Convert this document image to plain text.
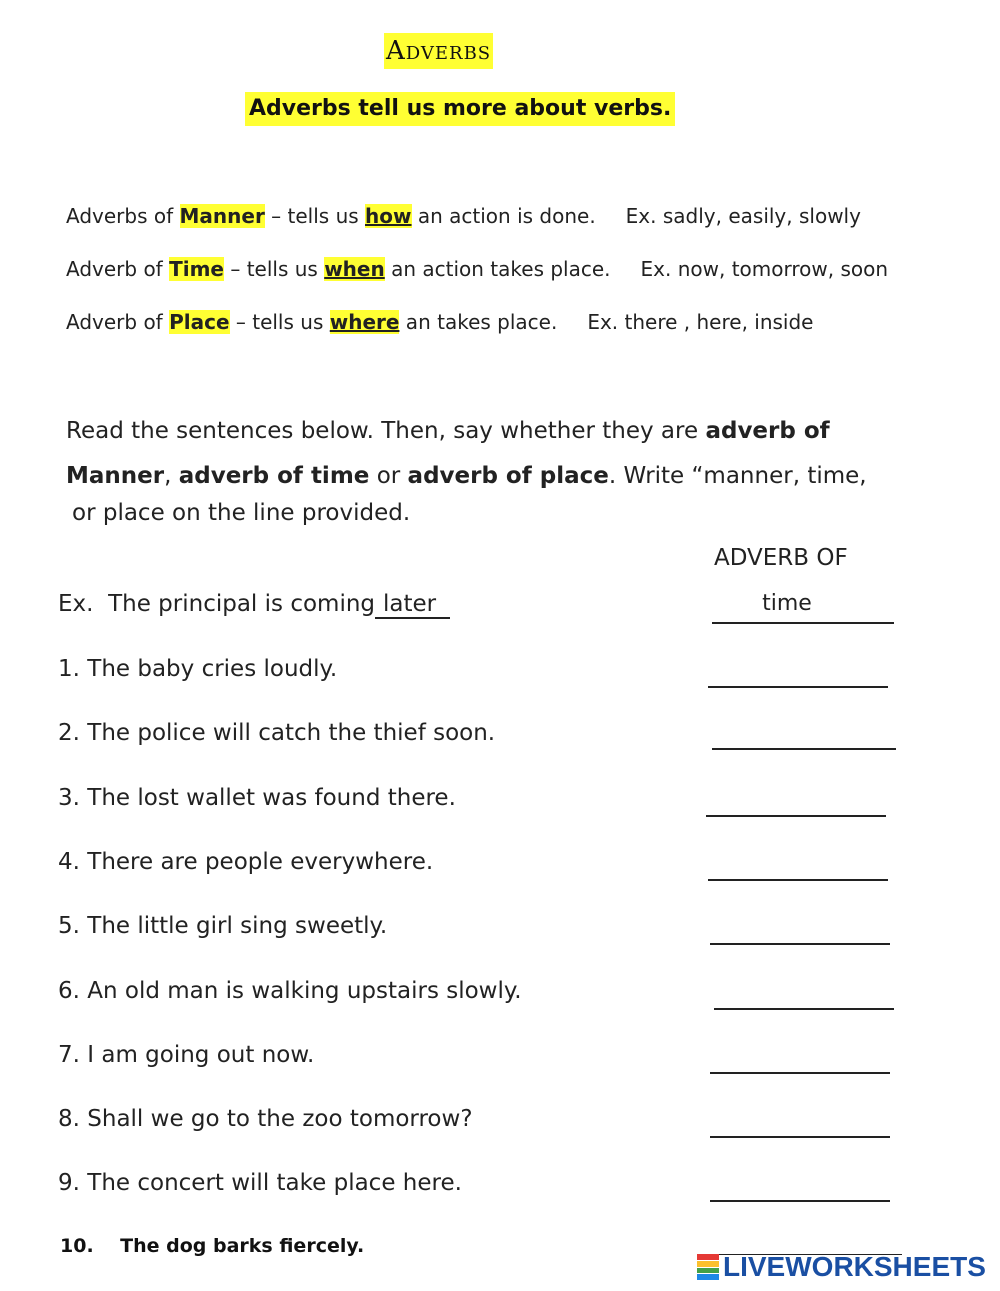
Adverbs
Adverbs tell us more about verbs.
Adverbs of Manner – tells us how an action is done. Ex. sadly, easily, slowly
Adverb of Time – tells us when an action takes place. Ex. now, tomorrow, soon
Adverb of Place – tells us where an takes place. Ex. there , here, inside
Read the sentences below. Then, say whether they are adverb of
Manner, adverb of time or adverb of place. Write “manner, time,
or place on the line provided.
ADVERB OF
Ex. The principal is coming later	time
1. The baby cries loudly.
2. The police will catch the thief soon.
3. The lost wallet was found there.
4. There are people everywhere.
5. The little girl sing sweetly.
6. An old man is walking upstairs slowly.
7. I am going out now.
8. Shall we go to the zoo tomorrow?
9. The concert will take place here.
10. The dog barks fiercely.
LIVEWORKSHEETS
